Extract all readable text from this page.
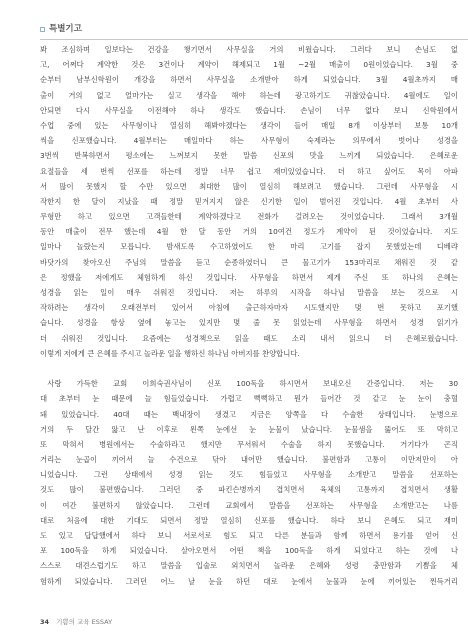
특별기고
봐 조심하며 일보다는 건강을 챙기면서 사무실을 거의 비웠습니다. 그러다 보니 손님도 없
고, 어쩌다 계약한 것은 3건이나 계약이 해제되고 1월 ~2월 매출이 0원이었습니다. 3월 중
순부터 남부신학원이 개강을 하면서 사무실을 소개받아 하게 되었습니다. 3월 4월초까지 매
출이 거의 없고 얼마가는 실고 생각을 해야 하는데 광고하기도 귀찮았습니다. 4월에도 일이
안되면 다시 사무실을 이전해야 하나 생각도 했습니다. 손님이 너무 없다 보니 신학원에서
수업 중에 있는 사무형이나 열심히 해봐야겠다는 생각이 들어 매일 8개 이상부터 보통 10개
씩을 신포했습니다. 4월부터는 매일마다 하는 사무형이 숙제라는 의무에서 벗어나 성경을
3번씩 반복하면서 평소에는 느껴보지 못한 말씀 신포의 맛을 느끼게 되었습니다. 은혜로운
요절들을 세 번씩 선포를 하는데 정말 너무 쉽고 재미있었습니다. 더 하고 싶어도 목이 아파
서 많이 못했지 할 수만 있으면 최대한 많이 열심히 해보려고 했습니다. 그런데 사무형을 시
작한지 한 달이 지났을 때 정말 믿겨지지 않은 신기한 일이 벌어진 것입니다. 4월 초부터 사
무형만 하고 있으면 고객들한테 계약하겠다고 전화가 걸려오는 것이었습니다. 그래서 3개월
동안 매출이 전무 했는데 4월 한 달 동안 거의 10여건 정도가 계약이 된 것이었습니다. 지도
일마나 놀랐는지 모릅니다. 밤새도록 수고하였어도 한 마리 고기를 잡지 못했었는데 디베랴
바닷가의 찾아오신 주님의 말씀을 듣고 순종하였더니 큰 물고기가 153마리로 채워진 것 같
은 정했을 저에게도 체험하게 하신 것입니다. 사무형을 하면서 제게 주신 또 하나의 은혜는
성경을 읽는 일이 매우 쉬워진 것입니다. 저는 하루의 시작을 하나님 말씀을 보는 것으로 시
작하려는 생각이 오래전부터 있어서 아침에 출근하자마자 시도했지만 몇 번 못하고 포기했
습니다. 성경을 항상 옆에 놓고는 있지만 몇 줄 못 읽었는데 사무형을 하면서 성경 읽기가
더 쉬워진 것입니다. 요즘에는 성경책으로 읽을 때도 소리 내서 읽으니 더 은혜로웠습니다.
이렇게 저에게 큰 은혜를 주시고 놀라운 일을 행하신 하나님 아버지를 찬양합니다.
사랑 가득한 교회 이희숙권사님이 신포 100독을 하시면서 보내오신 간증입니다. 저는 30
대 초부터 눈 때문에 늘 힘들었습니다. 가렵고 뻑뻑하고 뭔가 들어간 것 같고 눈 눈이 충혈
돼 있었습니다. 40대 때는 백내장이 생겼고 지금은 양쪽을 다 수술한 상태입니다. 눈병으로
거의 두 달간 앓고 난 이후로 왼쪽 눈에선 눈 눈물이 났습니다. 눈물샘을 뚫어도 또 막히고
또 막혀서 병원에서는 수술하라고 했지만 무서워서 수술을 하지 못했습니다. 거기다가 곤직
거리는 눈곱이 끼어서 늘 수건으로 닦아 내어만 했습니다. 불편함과 고통이 이만저만이 아
니었습니다. 그런 상태에서 성경 읽는 것도 힘들었고 사무형을 소개받고 말씀을 선포하는
것도 많이 불편했습니다. 그러던 중 파킨슨병까지 겹치면서 육체의 고통까지 겹치면서 생활
이 여간 불편하지 않았습니다. 그런데 교회에서 말씀을 선포하는 사무형을 소개받고는 나름
대로 처음에 대한 기대도 되면서 정말 열심히 신포를 했습니다. 하다 보니 은혜도 되고 재미
도 있고 답답했에서 하다 보니 서로서로 힘도 되고 다른 분들과 함께 하면서 용기를 얻어 신
포 100독을 하게 되었습니다. 살아오면서 어떤 책을 100독을 하게 되었다고 하는 것에 나
스스로 대견스럽기도 하고 말씀을 입술로 외치면서 놀라운 은혜와 성령 충만함과 기쁨을 체
험하게 되었습니다. 그러던 어느 날 눈을 하던 대로 눈에서 눈물과 눈에 끼어있는 찐득거리
34 기쁨의 교육 ESSAY
